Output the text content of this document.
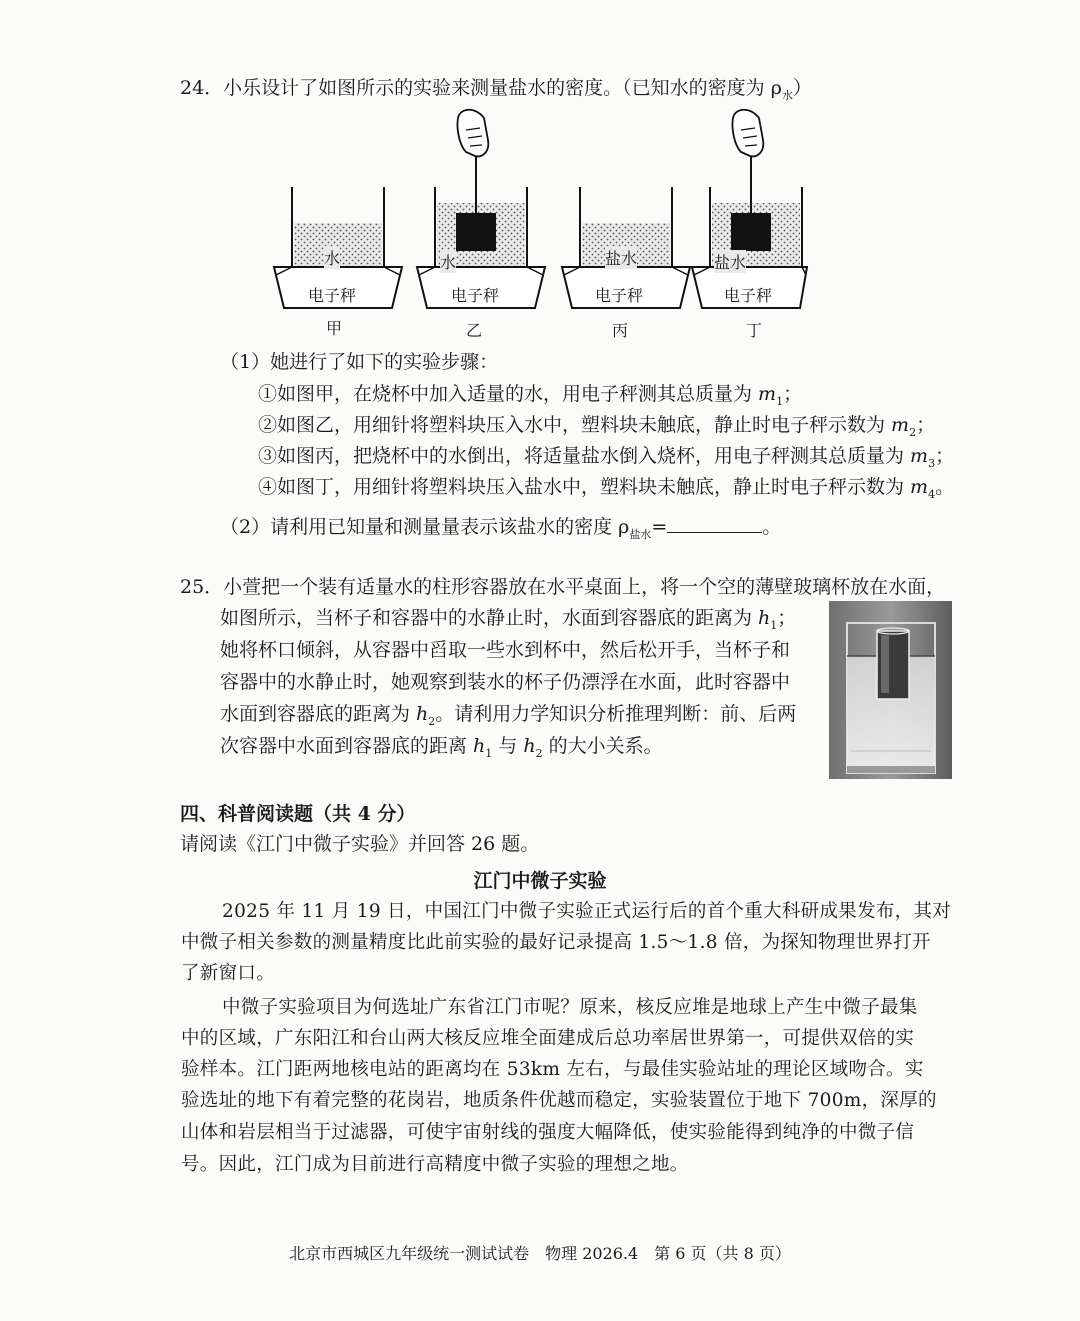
24．小乐设计了如图所示的实验来测量盐水的密度。（已知水的密度为 $\rho_水$）
水
电子秤
甲
水
电子秤
乙
盐水
电子秤
丙
盐水
电子秤
丁
（1）她进行了如下的实验步骤：
①如图甲，在烧杯中加入适量的水，用电子秤测其总质量为 $m_1$；
②如图乙，用细针将塑料块压入水中，塑料块未触底，静止时电子秤示数为 $m_2$；
③如图丙，把烧杯中的水倒出，将适量盐水倒入烧杯，用电子秤测其总质量为 $m_3$；
④如图丁，用细针将塑料块压入盐水中，塑料块未触底，静止时电子秤示数为 $m_4$。
（2）请利用已知量和测量量表示该盐水的密度 $\rho_{盐水}=$	。
25．小萱把一个装有适量水的柱形容器放在水平桌面上，将一个空的薄壁玻璃杯放在水面，
如图所示，当杯子和容器中的水静止时，水面到容器底的距离为 $h_1$；
她将杯口倾斜，从容器中舀取一些水到杯中，然后松开手，当杯子和
容器中的水静止时，她观察到装水的杯子仍漂浮在水面，此时容器中
水面到容器底的距离为 $h_2$。请利用力学知识分析推理判断：前、后两
次容器中水面到容器底的距离 $h_1$ 与 $h_2$ 的大小关系。
四、科普阅读题（共 4 分）
请阅读《江门中微子实验》并回答 26 题。
江门中微子实验
2025 年 11 月 19 日，中国江门中微子实验正式运行后的首个重大科研成果发布，其对
中微子相关参数的测量精度比此前实验的最好记录提高 1.5～1.8 倍，为探知物理世界打开
了新窗口。
中微子实验项目为何选址广东省江门市呢？原来，核反应堆是地球上产生中微子最集
中的区域，广东阳江和台山两大核反应堆全面建成后总功率居世界第一，可提供双倍的实
验样本。江门距两地核电站的距离均在 53km 左右，与最佳实验站址的理论区域吻合。实
验选址的地下有着完整的花岗岩，地质条件优越而稳定，实验装置位于地下 700m，深厚的
山体和岩层相当于过滤器，可使宇宙射线的强度大幅降低，使实验能得到纯净的中微子信
号。因此，江门成为目前进行高精度中微子实验的理想之地。
北京市西城区九年级统一测试试卷　物理 2026.4　第 6 页（共 8 页）
